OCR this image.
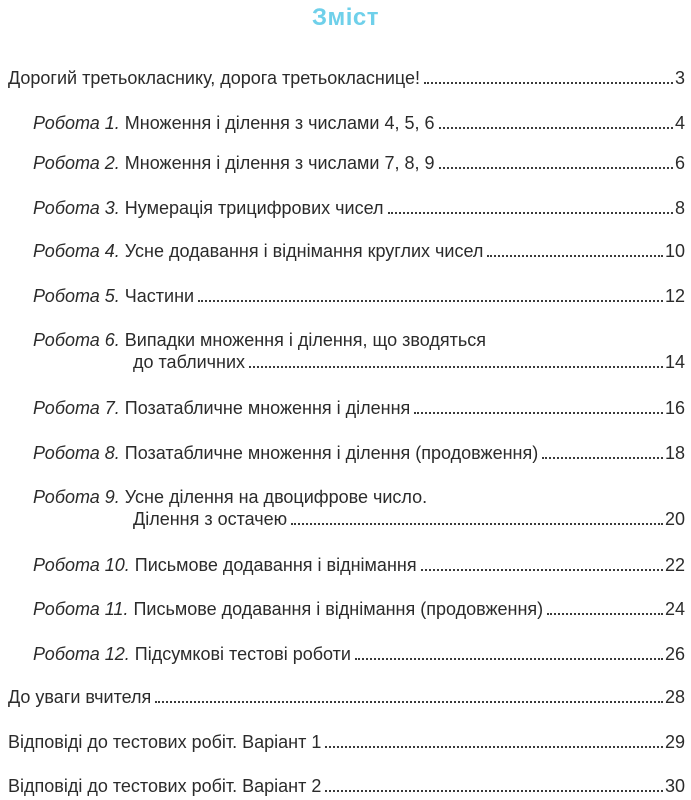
Зміст
Дорогий третьокласнику, дорога третьокласнице!	3
Робота 1. Множення і ділення з числами 4, 5, 6	4
Робота 2. Множення і ділення з числами 7, 8, 9	6
Робота 3. Нумерація трицифрових чисел	8
Робота 4. Усне додавання і віднімання круглих чисел	10
Робота 5. Частини	12
Робота 6. Випадки множення і ділення, що зводяться
до табличних	14
Робота 7. Позатабличне множення і ділення	16
Робота 8. Позатабличне множення і ділення (продовження)	18
Робота 9. Усне ділення на двоцифрове число.
Ділення з остачею	20
Робота 10. Письмове додавання і віднімання	22
Робота 11. Письмове додавання і віднімання (продовження)	24
Робота 12. Підсумкові тестові роботи	26
До уваги вчителя	28
Відповіді до тестових робіт. Варіант 1	29
Відповіді до тестових робіт. Варіант 2	30
